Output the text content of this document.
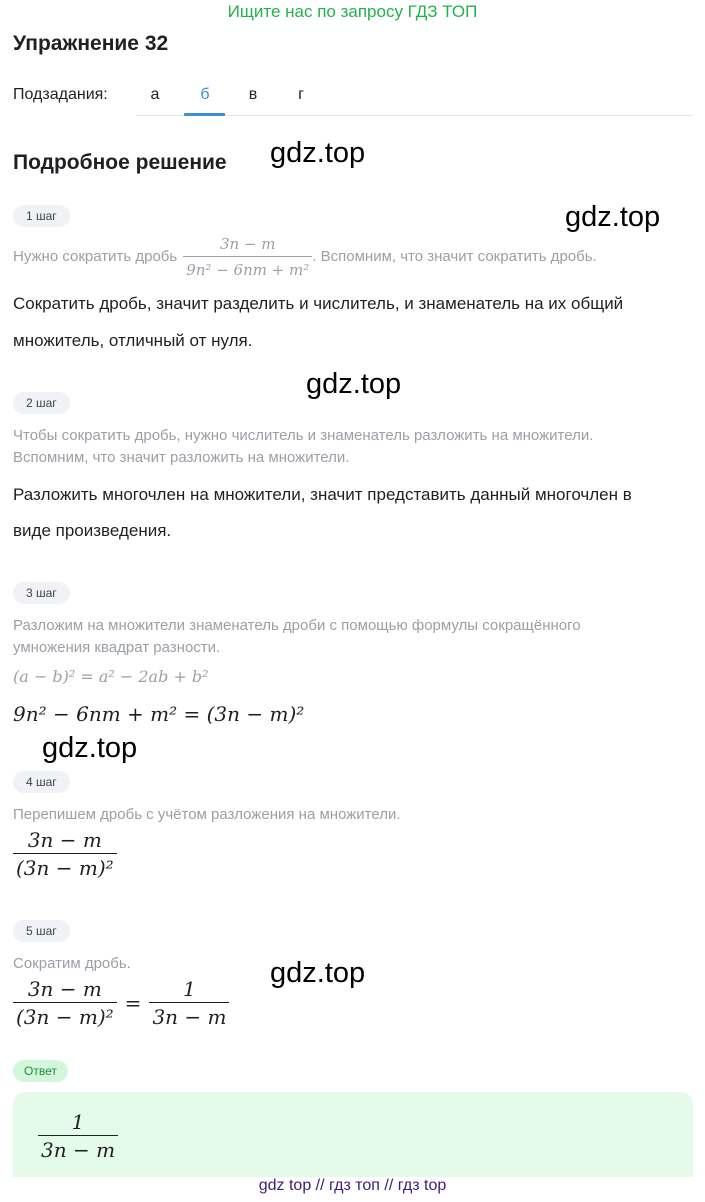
Ищите нас по запросу ГДЗ ТОП
Упражнение 32
Подзадания:	а	б	в	г
Подробное решение gdz.top
gdz.top
gdz.top
gdz.top
gdz.top
1 шаг
Нужно сократить дробь $\frac{3n - m}{\text{9n² − 6nm + m²}}$ . Вспомним, что значит сократить дробь.
Сократить дробь, значит разделить и числитель, и знаменатель на их общий
множитель, отличный от нуля.
2 шаг
Чтобы сократить дробь, нужно числитель и знаменатель разложить на множители.
Вспомним, что значит разложить на множители.
Разложить многочлен на множители, значит представить данный многочлен в
виде произведения.
3 шаг
Разложим на множители знаменатель дроби с помощью формулы сокращённого
умножения квадрат разности.
(a − b)² = a² − 2ab + b²
9n² − 6nm + m² = (3n − m)²
4 шаг
Перепишем дробь с учётом разложения на множители.
$\frac{3n - m}{\text{(3n − m)²}}$
5 шаг
Сократим дробь.
$\frac{3n - m}{\text{(3n − m)²}} = \frac{1}{3n - m}$
Ответ
$\frac{1}{3n - m}$
gdz top // гдз топ // гдз top
